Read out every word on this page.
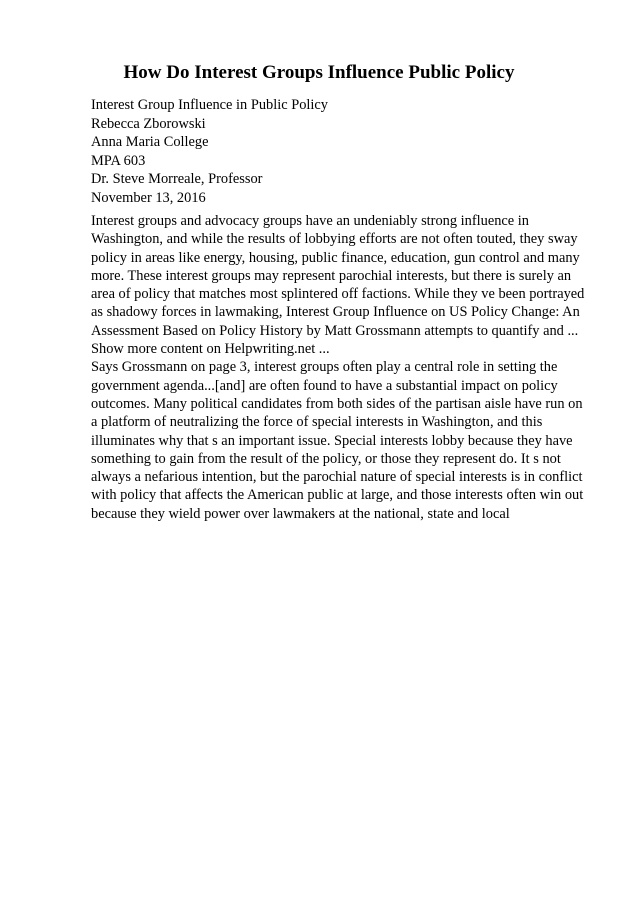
How Do Interest Groups Influence Public Policy
Interest Group Influence in Public Policy
Rebecca Zborowski
Anna Maria College
MPA 603
Dr. Steve Morreale, Professor
November 13, 2016
Interest groups and advocacy groups have an undeniably strong influence in
Washington, and while the results of lobbying efforts are not often touted, they sway
policy in areas like energy, housing, public finance, education, gun control and many
more. These interest groups may represent parochial interests, but there is surely an
area of policy that matches most splintered off factions. While they ve been portrayed
as shadowy forces in lawmaking, Interest Group Influence on US Policy Change: An
Assessment Based on Policy History by Matt Grossmann attempts to quantify and ...
Show more content on Helpwriting.net ...
Says Grossmann on page 3, interest groups often play a central role in setting the
government agenda...[and] are often found to have a substantial impact on policy
outcomes. Many political candidates from both sides of the partisan aisle have run on
a platform of neutralizing the force of special interests in Washington, and this
illuminates why that s an important issue. Special interests lobby because they have
something to gain from the result of the policy, or those they represent do. It s not
always a nefarious intention, but the parochial nature of special interests is in conflict
with policy that affects the American public at large, and those interests often win out
because they wield power over lawmakers at the national, state and local
